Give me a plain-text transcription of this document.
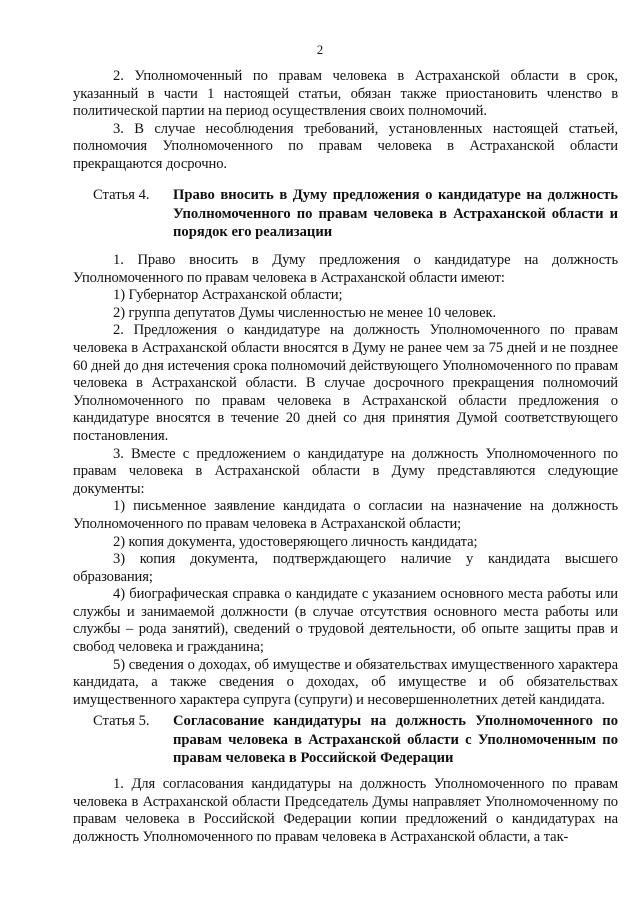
2

2. Уполномоченный по правам человека в Астраханской области в срок, указанный в части 1 настоящей статьи, обязан также приостановить членство в политической партии на период осуществления своих полномочий.

3. В случае несоблюдения требований, установленных настоящей статьей, полномочия Уполномоченного по правам человека в Астраханской области прекращаются досрочно.

Статья 4. Право вносить в Думу предложения о кандидатуре на должность Уполномоченного по правам человека в Астраханской области и порядок его реализации

1. Право вносить в Думу предложения о кандидатуре на должность Уполномоченного по правам человека в Астраханской области имеют:

1) Губернатор Астраханской области;

2) группа депутатов Думы численностью не менее 10 человек.

2. Предложения о кандидатуре на должность Уполномоченного по правам человека в Астраханской области вносятся в Думу не ранее чем за 75 дней и не позднее 60 дней до дня истечения срока полномочий действующего Уполномоченного по правам человека в Астраханской области. В случае досрочного прекращения полномочий Уполномоченного по правам человека в Астраханской области предложения о кандидатуре вносятся в течение 20 дней со дня принятия Думой соответствующего постановления.

3. Вместе с предложением о кандидатуре на должность Уполномоченного по правам человека в Астраханской области в Думу представляются следующие документы:

1) письменное заявление кандидата о согласии на назначение на должность Уполномоченного по правам человека в Астраханской области;

2) копия документа, удостоверяющего личность кандидата;

3) копия документа, подтверждающего наличие у кандидата высшего образования;

4) биографическая справка о кандидате с указанием основного места работы или службы и занимаемой должности (в случае отсутствия основного места работы или службы – рода занятий), сведений о трудовой деятельности, об опыте защиты прав и свобод человека и гражданина;

5) сведения о доходах, об имуществе и обязательствах имущественного характера кандидата, а также сведения о доходах, об имуществе и об обязательствах имущественного характера супруга (супруги) и несовершеннолетних детей кандидата.

Статья 5. Согласование кандидатуры на должность Уполномоченного по правам человека в Астраханской области с Уполномоченным по правам человека в Российской Федерации

1. Для согласования кандидатуры на должность Уполномоченного по правам человека в Астраханской области Председатель Думы направляет Уполномоченному по правам человека в Российской Федерации копии предложений о кандидатурах на должность Уполномоченного по правам человека в Астраханской области, а так-
